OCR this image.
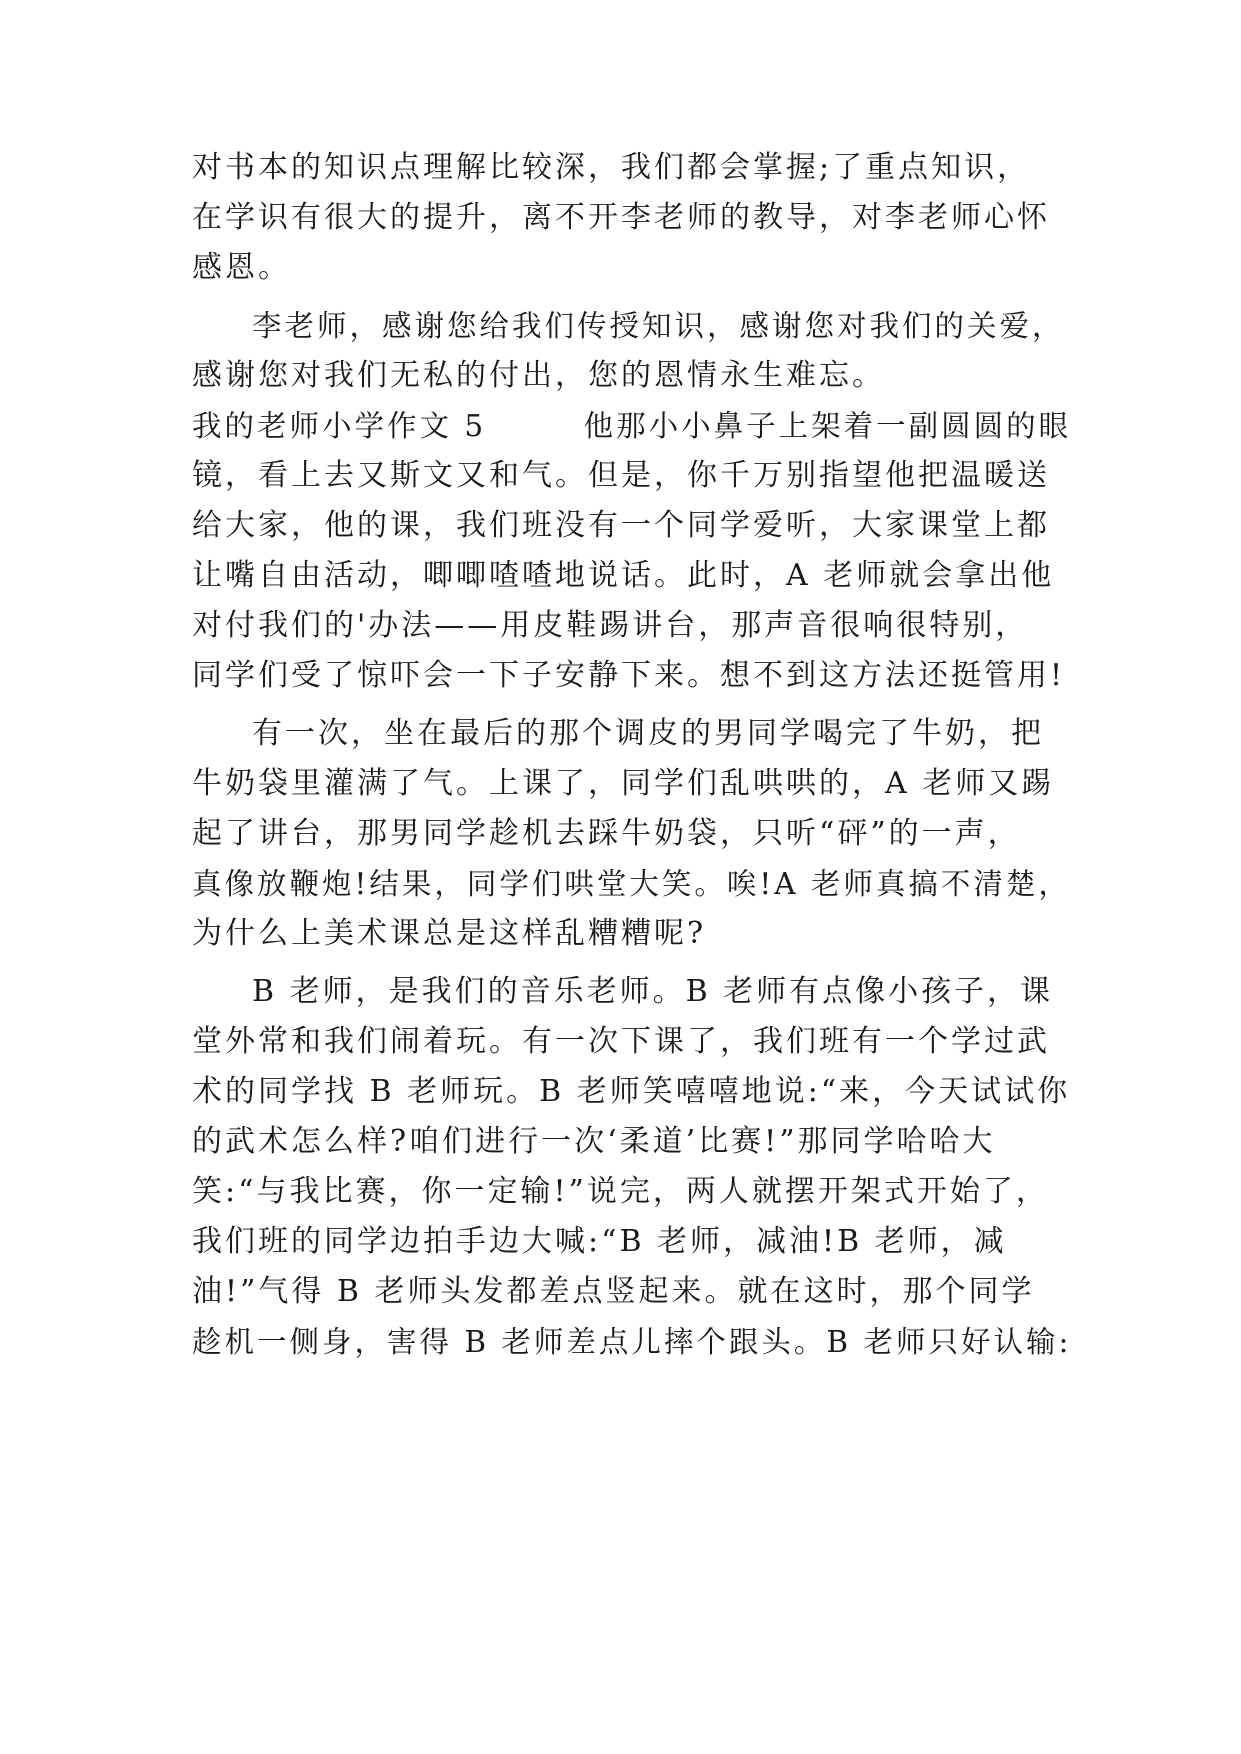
对书本的知识点理解比较深，我们都会掌握;了重点知识，
在学识有很大的提升，离不开李老师的教导，对李老师心怀
感恩。
李老师，感谢您给我们传授知识，感谢您对我们的关爱，
感谢您对我们无私的付出，您的恩情永生难忘。
我的老师小学作文 5　　　他那小小鼻子上架着一副圆圆的眼
镜，看上去又斯文又和气。但是，你千万别指望他把温暖送
给大家，他的课，我们班没有一个同学爱听，大家课堂上都
让嘴自由活动，唧唧喳喳地说话。此时，A 老师就会拿出他
对付我们的'办法——用皮鞋踢讲台，那声音很响很特别，
同学们受了惊吓会一下子安静下来。想不到这方法还挺管用!
有一次，坐在最后的那个调皮的男同学喝完了牛奶，把
牛奶袋里灌满了气。上课了，同学们乱哄哄的，A 老师又踢
起了讲台，那男同学趁机去踩牛奶袋，只听“砰”的一声，
真像放鞭炮!结果，同学们哄堂大笑。唉!A 老师真搞不清楚，
为什么上美术课总是这样乱糟糟呢?
B 老师，是我们的音乐老师。B 老师有点像小孩子，课
堂外常和我们闹着玩。有一次下课了，我们班有一个学过武
术的同学找 B 老师玩。B 老师笑嘻嘻地说:“来，今天试试你
的武术怎么样?咱们进行一次‘柔道’比赛!”那同学哈哈大
笑:“与我比赛，你一定输!”说完，两人就摆开架式开始了，
我们班的同学边拍手边大喊:“B 老师，减油!B 老师，减
油!”气得 B 老师头发都差点竖起来。就在这时，那个同学
趁机一侧身，害得 B 老师差点儿摔个跟头。B 老师只好认输:
